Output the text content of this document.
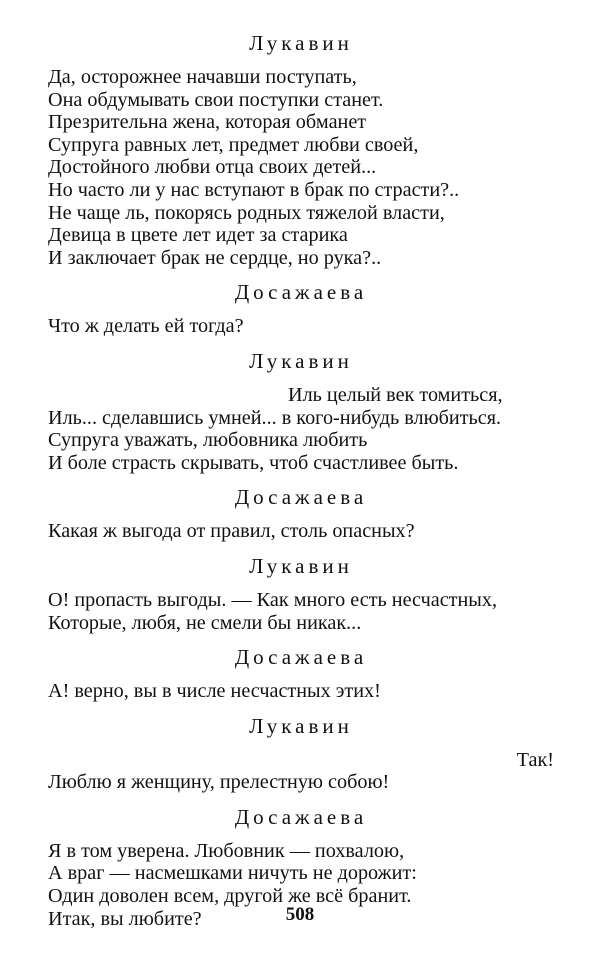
Лукавин
Да, осторожнее начавши поступать,
Она обдумывать свои поступки станет.
Презрительна жена, которая обманет
Супруга равных лет, предмет любви своей,
Достойного любви отца своих детей...
Но часто ли у нас вступают в брак по страсти?..
Не чаще ль, покорясь родных тяжелой власти,
Девица в цвете лет идет за старика
И заключает брак не сердце, но рука?..
Досажаева
Что ж делать ей тогда?
Лукавин
Иль целый век томиться,
Иль... сделавшись умней... в кого-нибудь влюбиться.
Супруга уважать, любовника любить
И боле страсть скрывать, чтоб счастливее быть.
Досажаева
Какая ж выгода от правил, столь опасных?
Лукавин
О! пропасть выгоды. — Как много есть несчастных,
Которые, любя, не смели бы никак...
Досажаева
А! верно, вы в числе несчастных этих!
Лукавин
Так!
Люблю я женщину, прелестную собою!
Досажаева
Я в том уверена. Любовник — похвалою,
А враг — насмешками ничуть не дорожит:
Один доволен всем, другой же всё бранит.
Итак, вы любите?	508
